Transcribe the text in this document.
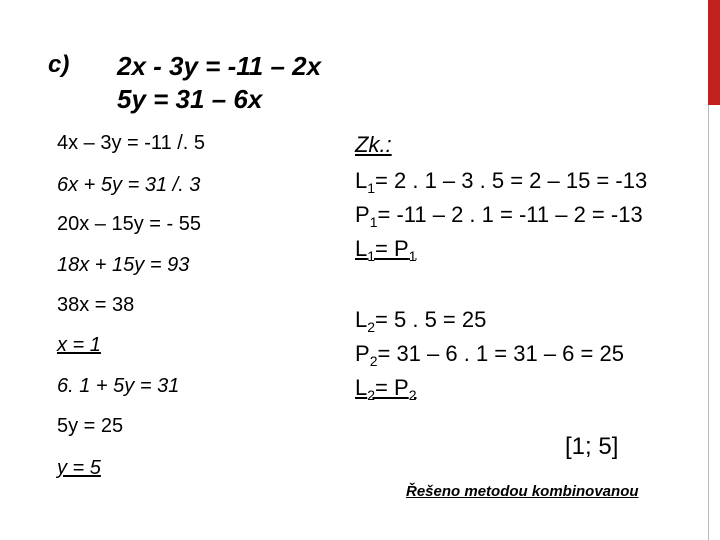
c) 2x - 3y = -11 – 2x
5y = 31 – 6x
4x – 3y = -11 /. 5
6x + 5y = 31 /. 3
20x – 15y = - 55
18x + 15y = 93
38x = 38
x = 1
6. 1 + 5y = 31
5y = 25
y = 5
Zk.:
$L_1= 2$ . 1 – 3 . 5 = 2 – 15 = -13
$P_1= -11 - 2$ . 1 = -11 – 2 = -13
$L_1= P_1$
$L_2= 5$ . 5 = 25
$P_2= 31 - 6$ . 1 = 31 – 6 = 25
$L_2= P_2$
[1; 5]
Řešeno metodou kombinovanou
